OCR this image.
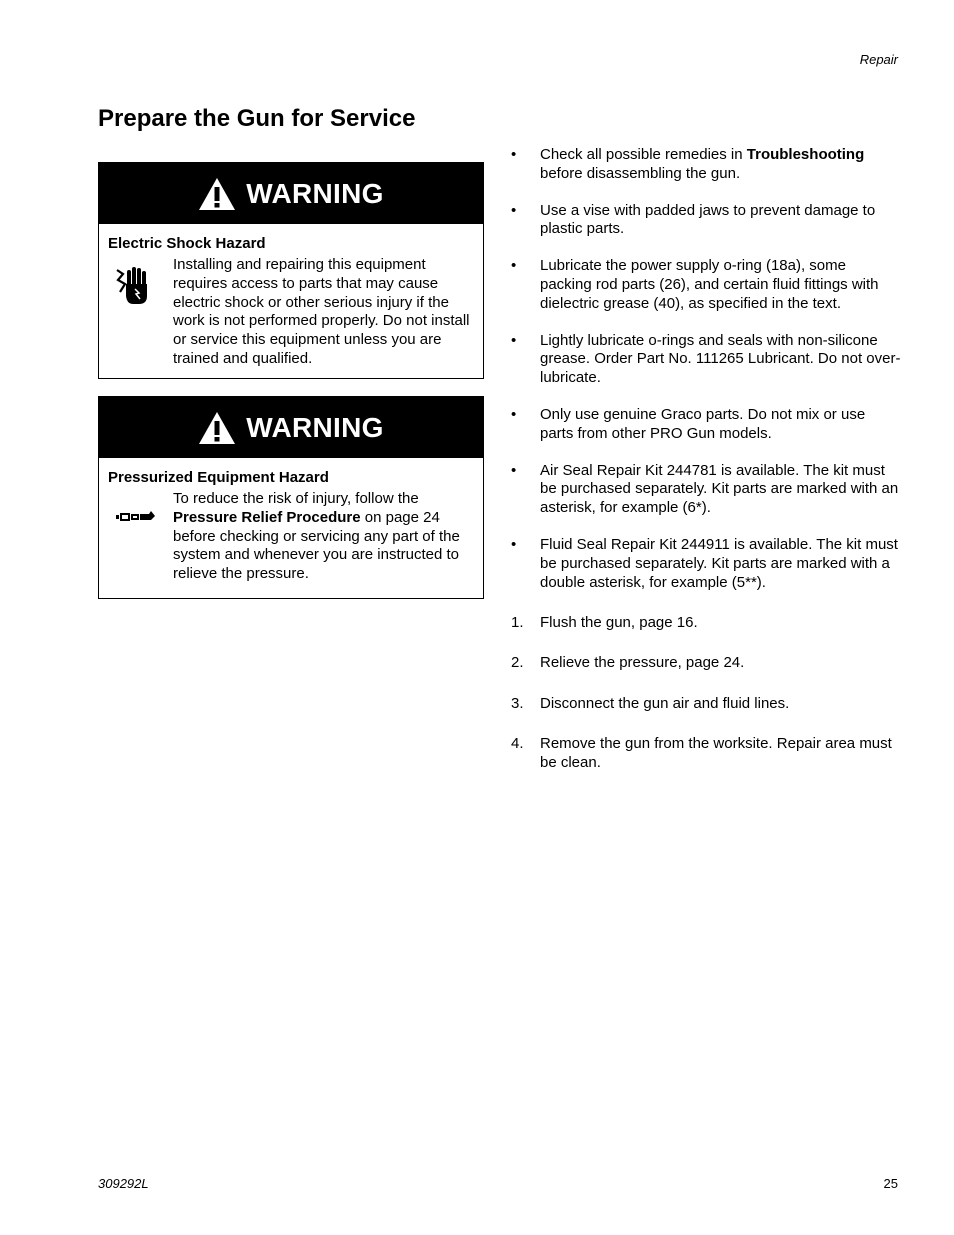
Repair
Prepare the Gun for Service
WARNING
Electric Shock Hazard
Installing and repairing this equipment requires access to parts that may cause electric shock or other serious injury if the work is not performed properly. Do not install or service this equipment unless you are trained and qualified.
WARNING
Pressurized Equipment Hazard
To reduce the risk of injury, follow the Pressure Relief Procedure on page 24 before checking or servicing any part of the system and whenever you are instructed to relieve the pressure.
•	Check all possible remedies in Troubleshooting before disassembling the gun.
•	Use a vise with padded jaws to prevent damage to plastic parts.
•	Lubricate the power supply o-ring (18a), some packing rod parts (26), and certain fluid fittings with dielectric grease (40), as specified in the text.
•	Lightly lubricate o-rings and seals with non-silicone grease. Order Part No. 111265 Lubricant. Do not over-lubricate.
•	Only use genuine Graco parts. Do not mix or use parts from other PRO Gun models.
•	Air Seal Repair Kit 244781 is available. The kit must be purchased separately. Kit parts are marked with an asterisk, for example (6*).
•	Fluid Seal Repair Kit 244911 is available. The kit must be purchased separately. Kit parts are marked with a double asterisk, for example (5**).
1.	Flush the gun, page 16.
2.	Relieve the pressure, page 24.
3.	Disconnect the gun air and fluid lines.
4.	Remove the gun from the worksite. Repair area must be clean.
309292L	25
